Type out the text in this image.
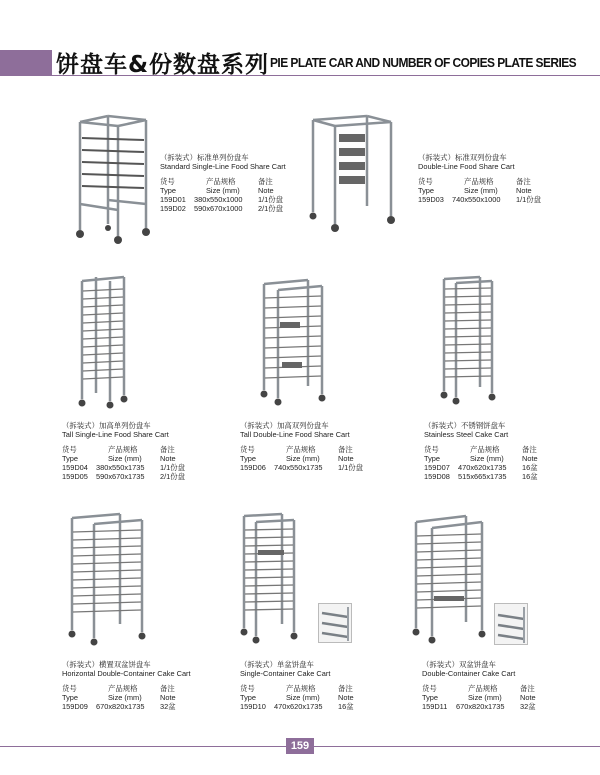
饼盘车&份数盘系列 PIE PLATE CAR AND NUMBER OF COPIES PLATE SERIES
（拆装式）标准单列份盘车
Standard Single-Line Food Share Cart
货号	产品规格	备注
Type	Size (mm)	Note
159D01	380x550x1000	1/1份盘
159D02	590x670x1000	2/1份盘
（拆装式）标准双列份盘车
Double-Line Food Share Cart
货号	产品规格	备注
Type	Size (mm)	Note
159D03	740x550x1000	1/1份盘
（拆装式）加高单列份盘车
Tall Single-Line Food Share Cart
货号	产品规格	备注
Type	Size (mm)	Note
159D04	380x550x1735	1/1份盘
159D05	590x670x1735	2/1份盘
（拆装式）加高双列份盘车
Tall Double-Line Food Share Cart
货号	产品规格	备注
Type	Size (mm)	Note
159D06	740x550x1735	1/1份盘
（拆装式）不锈钢饼盘车
Stainless Steel Cake Cart
货号	产品规格	备注
Type	Size (mm)	Note
159D07	470x620x1735	16盆
159D08	515x665x1735	16盆
（拆装式）横置双盆饼盘车
Horizontal Double-Container Cake Cart
货号	产品规格	备注
Type	Size (mm)	Note
159D09	670x820x1735	32盆
（拆装式）单盆饼盘车
Single-Container Cake Cart
货号	产品规格	备注
Type	Size (mm)	Note
159D10	470x620x1735	16盆
（拆装式）双盆饼盘车
Double-Container Cake Cart
货号	产品规格	备注
Type	Size (mm)	Note
159D11	670x820x1735	32盆
159
